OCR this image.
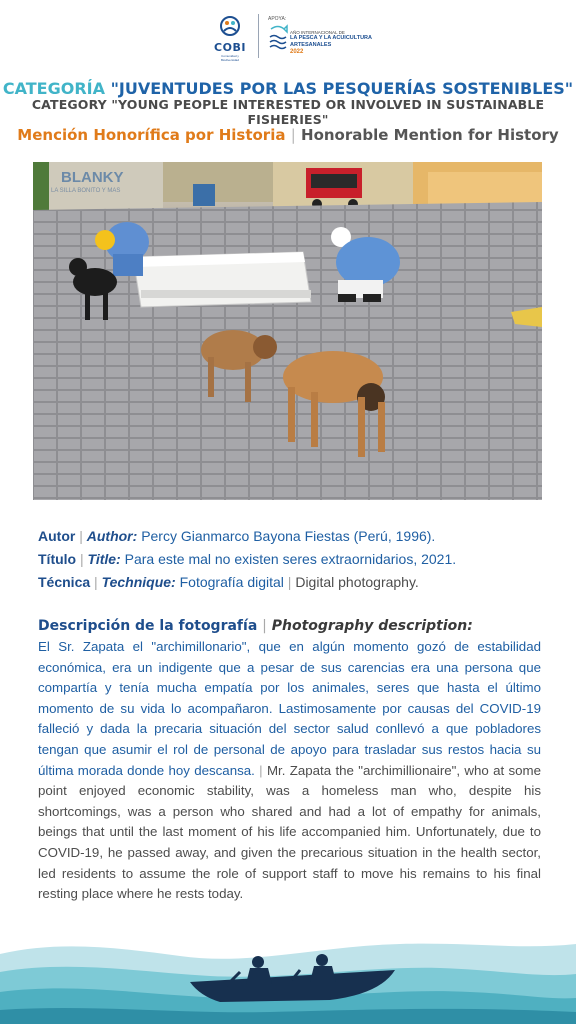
COBI
Comunidad y Biodiversidad
APOYA:
AÑO INTERNACIONAL DE
LA PESCA Y LA ACUICULTURA
ARTESANALES
2022
CATEGORÍA "JUVENTUDES POR LAS PESQUERÍAS SOSTENIBLES"
CATEGORY "YOUNG PEOPLE INTERESTED OR INVOLVED IN SUSTAINABLE FISHERIES"
Mención Honorífica por Historia | Honorable Mention for History
BLANKY
LA SILLA BONITO Y MAS
Autor | Author: Percy Gianmarco Bayona Fiestas (Perú, 1996).
Título | Title: Para este mal no existen seres extraornidarios, 2021.
Técnica | Technique: Fotografía digital | Digital photography.
Descripción de la fotografía | Photography description:
El Sr. Zapata el "archimillonario", que en algún momento gozó de estabilidad económica, era un indigente que a pesar de sus carencias era una persona que compartía y tenía mucha empatía por los animales, seres que hasta el último momento de su vida lo acompañaron. Lastimosamente por causas del COVID-19 falleció y dada la precaria situación del sector salud conllevó a que pobladores tengan que asumir el rol de personal de apoyo para trasladar sus restos hacia su última morada donde hoy descansa. | Mr. Zapata the "archimillionaire", who at some point enjoyed economic stability, was a homeless man who, despite his shortcomings, was a person who shared and had a lot of empathy for animals, beings that until the last moment of his life accompanied him. Unfortunately, due to COVID-19, he passed away, and given the precarious situation in the health sector, led residents to assume the role of support staff to move his remains to his final resting place where he rests today.
